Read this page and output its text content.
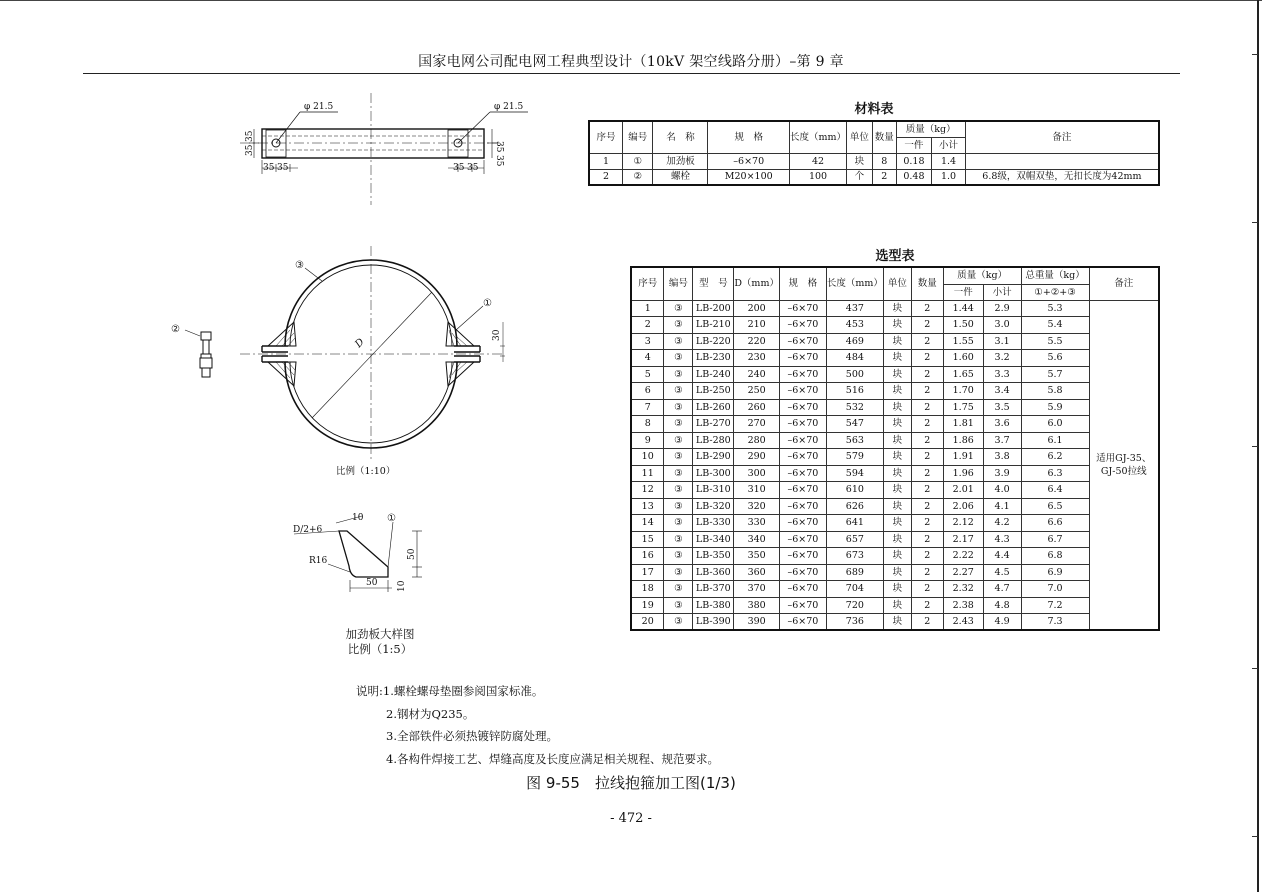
国家电网公司配电网工程典型设计（10kV 架空线路分册）–第 9 章
φ 21.5	φ 21.5
35 35	35 35
35
35
35
35
③
①
②
D
30
比例（1:10）
D/2+6
10 ①
R16
50
50
10
加劲板大样图
比例（1:5）
材料表
序号	编号	名　称	规　格	长度（mm）	单位	数量	质量（kg）		备注
							一件	小计	
1	①	加劲板	–6×70	42	块	8	0.18	1.4	
2	②	螺栓	M20×100	100	个	2	0.48	1.0	6.8级，双帽双垫，无扣长度为42mm
选型表
序号	编号	型　号	D（mm）	规　格	长度（mm）	单位	数量	质量（kg）		总重量（kg）	备注
								一件	小计	①+②+③	
1	③	LB-200	200	–6×70	437	块	2	1.44	2.9	5.3	适用GJ-35、
GJ-50拉线

2	③	LB-210	210	–6×70	453	块	2	1.50	3.0	5.4	
3	③	LB-220	220	–6×70	469	块	2	1.55	3.1	5.5	
4	③	LB-230	230	–6×70	484	块	2	1.60	3.2	5.6	
5	③	LB-240	240	–6×70	500	块	2	1.65	3.3	5.7	
6	③	LB-250	250	–6×70	516	块	2	1.70	3.4	5.8	
7	③	LB-260	260	–6×70	532	块	2	1.75	3.5	5.9	
8	③	LB-270	270	–6×70	547	块	2	1.81	3.6	6.0	
9	③	LB-280	280	–6×70	563	块	2	1.86	3.7	6.1	
10	③	LB-290	290	–6×70	579	块	2	1.91	3.8	6.2	
11	③	LB-300	300	–6×70	594	块	2	1.96	3.9	6.3	
12	③	LB-310	310	–6×70	610	块	2	2.01	4.0	6.4	
13	③	LB-320	320	–6×70	626	块	2	2.06	4.1	6.5	
14	③	LB-330	330	–6×70	641	块	2	2.12	4.2	6.6	
15	③	LB-340	340	–6×70	657	块	2	2.17	4.3	6.7	
16	③	LB-350	350	–6×70	673	块	2	2.22	4.4	6.8	
17	③	LB-360	360	–6×70	689	块	2	2.27	4.5	6.9	
18	③	LB-370	370	–6×70	704	块	2	2.32	4.7	7.0	
19	③	LB-380	380	–6×70	720	块	2	2.38	4.8	7.2	
20	③	LB-390	390	–6×70	736	块	2	2.43	4.9	7.3	
说明:1.螺栓螺母垫圈参阅国家标准。
2.钢材为Q235。
3.全部铁件必须热镀锌防腐处理。
4.各构件焊接工艺、焊缝高度及长度应满足相关规程、规范要求。
图 9-55　拉线抱箍加工图(1/3)
- 472 -
